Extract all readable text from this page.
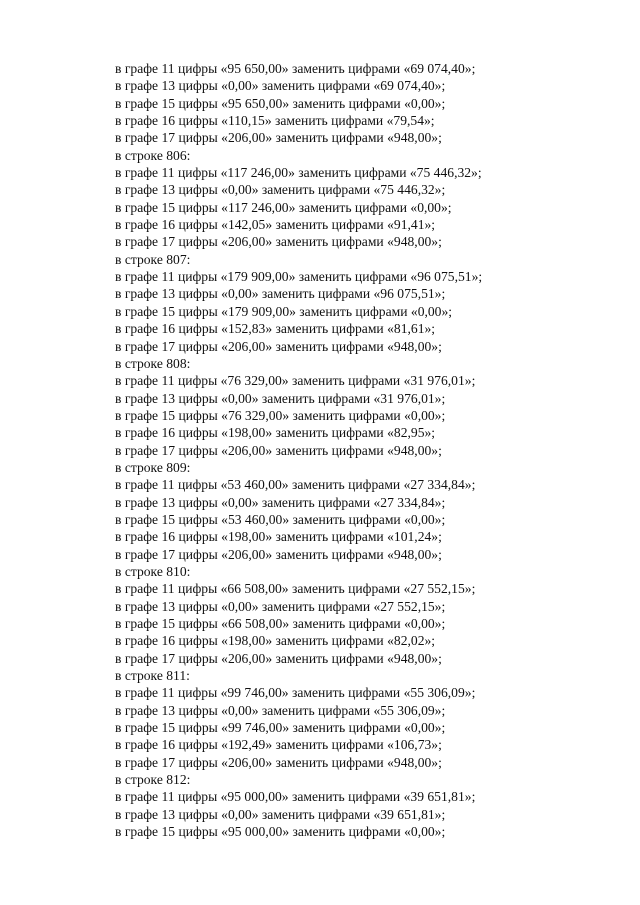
в графе 11 цифры «95 650,00» заменить цифрами «69 074,40»;

в графе 13 цифры «0,00» заменить цифрами «69 074,40»;

в графе 15 цифры «95 650,00» заменить цифрами «0,00»;

в графе 16 цифры «110,15» заменить цифрами «79,54»;

в графе 17 цифры «206,00» заменить цифрами «948,00»;

в строке 806:

в графе 11 цифры «117 246,00» заменить цифрами «75 446,32»;

в графе 13 цифры «0,00» заменить цифрами «75 446,32»;

в графе 15 цифры «117 246,00» заменить цифрами «0,00»;

в графе 16 цифры «142,05» заменить цифрами «91,41»;

в графе 17 цифры «206,00» заменить цифрами «948,00»;

в строке 807:

в графе 11 цифры «179 909,00» заменить цифрами «96 075,51»;

в графе 13 цифры «0,00» заменить цифрами «96 075,51»;

в графе 15 цифры «179 909,00» заменить цифрами «0,00»;

в графе 16 цифры «152,83» заменить цифрами «81,61»;

в графе 17 цифры «206,00» заменить цифрами «948,00»;

в строке 808:

в графе 11 цифры «76 329,00» заменить цифрами «31 976,01»;

в графе 13 цифры «0,00» заменить цифрами «31 976,01»;

в графе 15 цифры «76 329,00» заменить цифрами «0,00»;

в графе 16 цифры «198,00» заменить цифрами «82,95»;

в графе 17 цифры «206,00» заменить цифрами «948,00»;

в строке 809:

в графе 11 цифры «53 460,00» заменить цифрами «27 334,84»;

в графе 13 цифры «0,00» заменить цифрами «27 334,84»;

в графе 15 цифры «53 460,00» заменить цифрами «0,00»;

в графе 16 цифры «198,00» заменить цифрами «101,24»;

в графе 17 цифры «206,00» заменить цифрами «948,00»;

в строке 810:

в графе 11 цифры «66 508,00» заменить цифрами «27 552,15»;

в графе 13 цифры «0,00» заменить цифрами «27 552,15»;

в графе 15 цифры «66 508,00» заменить цифрами «0,00»;

в графе 16 цифры «198,00» заменить цифрами «82,02»;

в графе 17 цифры «206,00» заменить цифрами «948,00»;

в строке 811:

в графе 11 цифры «99 746,00» заменить цифрами «55 306,09»;

в графе 13 цифры «0,00» заменить цифрами «55 306,09»;

в графе 15 цифры «99 746,00» заменить цифрами «0,00»;

в графе 16 цифры «192,49» заменить цифрами «106,73»;

в графе 17 цифры «206,00» заменить цифрами «948,00»;

в строке 812:

в графе 11 цифры «95 000,00» заменить цифрами «39 651,81»;

в графе 13 цифры «0,00» заменить цифрами «39 651,81»;

в графе 15 цифры «95 000,00» заменить цифрами «0,00»;
